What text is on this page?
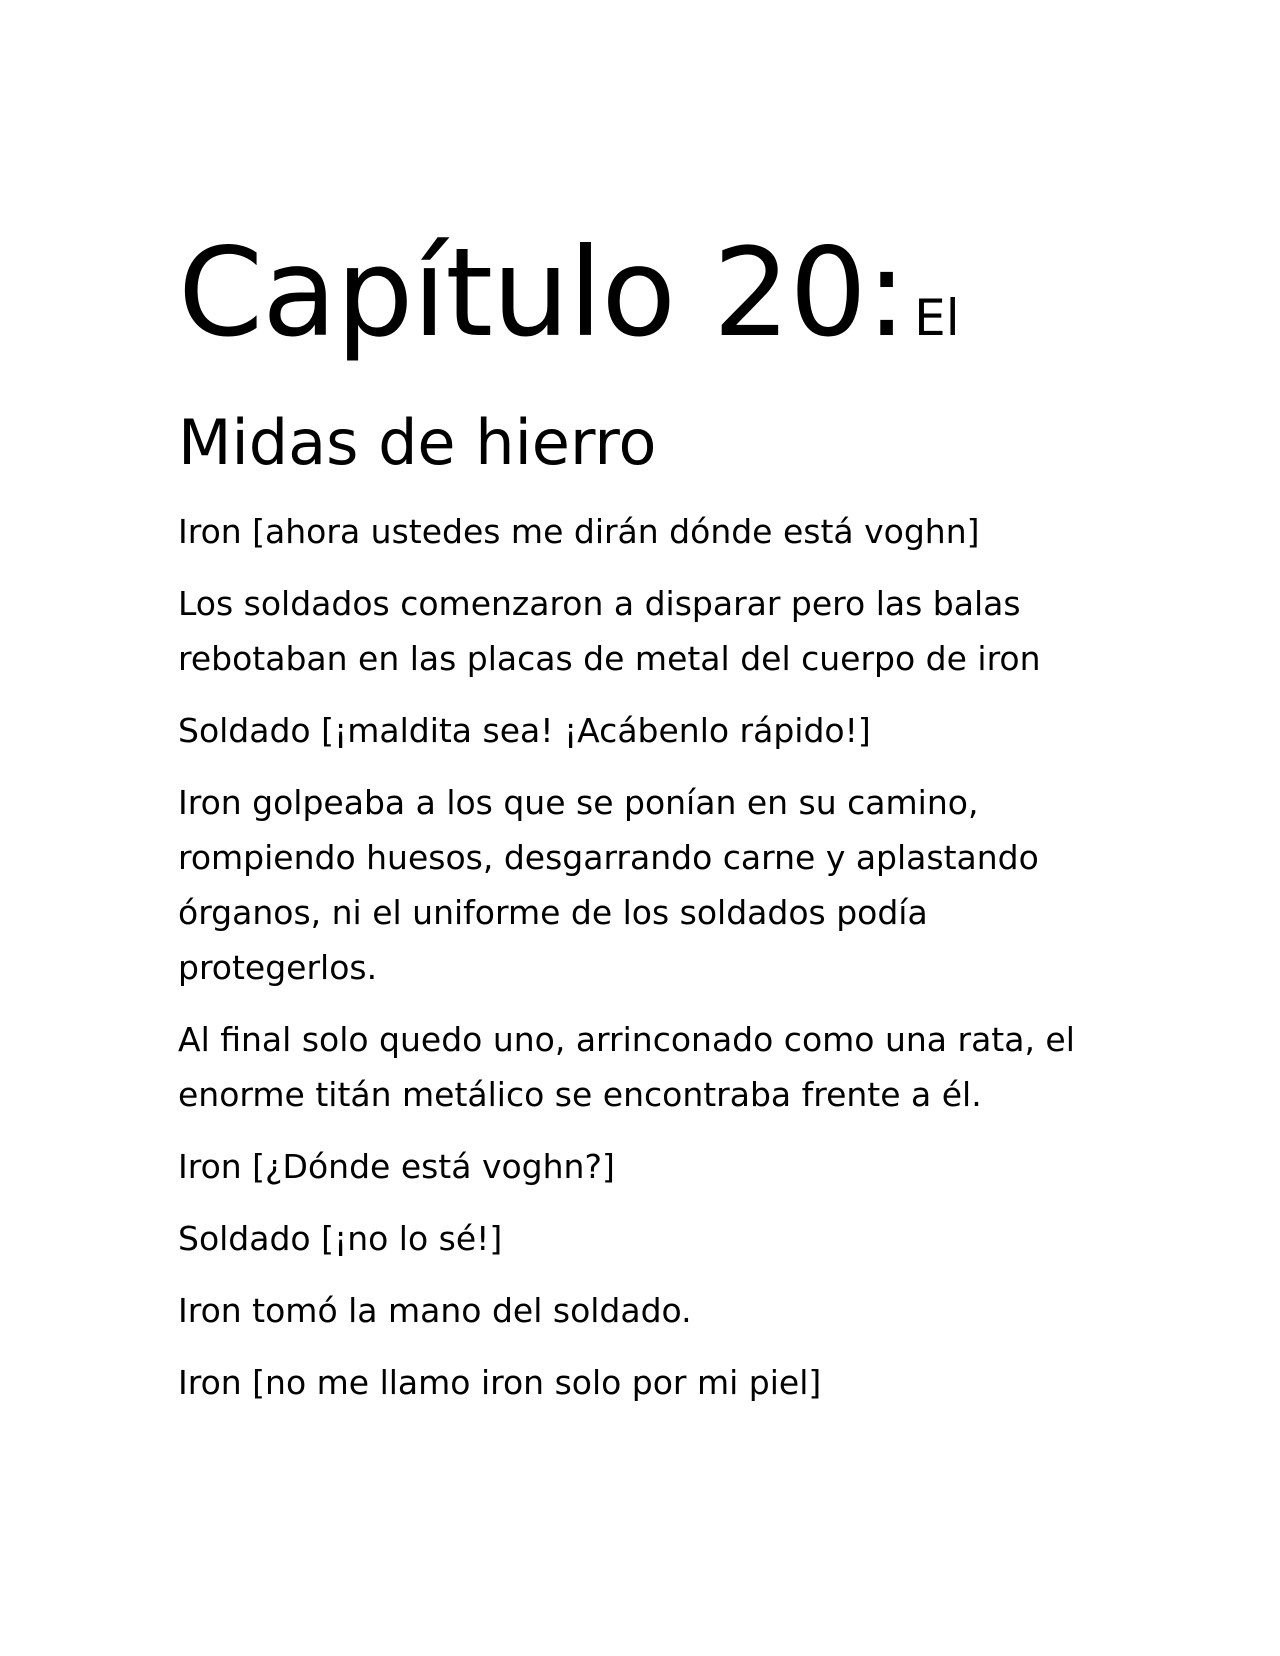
Capítulo 20: El
Midas de hierro

Iron [ahora ustedes me dirán dónde está voghn]

Los soldados comenzaron a disparar pero las balas rebotaban en las placas de metal del cuerpo de iron

Soldado [¡maldita sea! ¡Acábenlo rápido!]

Iron golpeaba a los que se ponían en su camino, rompiendo huesos, desgarrando carne y aplastando órganos, ni el uniforme de los soldados podía protegerlos.

Al final solo quedo uno, arrinconado como una rata, el enorme titán metálico se encontraba frente a él.

Iron [¿Dónde está voghn?]

Soldado [¡no lo sé!]

Iron tomó la mano del soldado.

Iron [no me llamo iron solo por mi piel]
